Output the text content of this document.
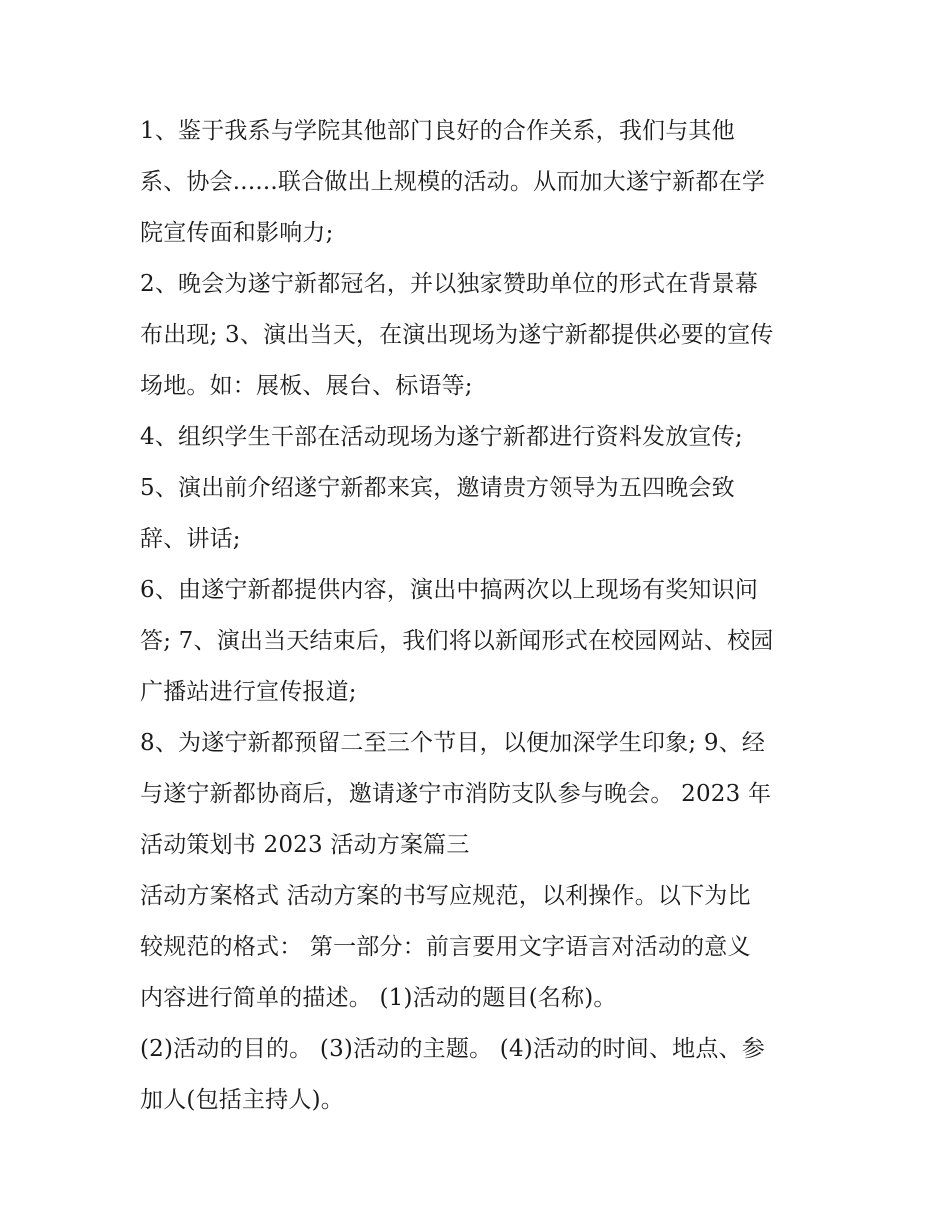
1、鉴于我系与学院其他部门良好的合作关系，我们与其他
系、协会......联合做出上规模的活动。从而加大遂宁新都在学
院宣传面和影响力;
2、晚会为遂宁新都冠名，并以独家赞助单位的形式在背景幕
布出现; 3、演出当天，在演出现场为遂宁新都提供必要的宣传
场地。如：展板、展台、标语等;
4、组织学生干部在活动现场为遂宁新都进行资料发放宣传;
5、演出前介绍遂宁新都来宾，邀请贵方领导为五四晚会致
辞、讲话;
6、由遂宁新都提供内容，演出中搞两次以上现场有奖知识问
答; 7、演出当天结束后，我们将以新闻形式在校园网站、校园
广播站进行宣传报道;
8、为遂宁新都预留二至三个节目，以便加深学生印象; 9、经
与遂宁新都协商后，邀请遂宁市消防支队参与晚会。 2023 年
活动策划书 2023 活动方案篇三
活动方案格式 活动方案的书写应规范，以利操作。以下为比
较规范的格式： 第一部分：前言要用文字语言对活动的意义
内容进行简单的描述。 (1)活动的题目(名称)。
(2)活动的目的。 (3)活动的主题。 (4)活动的时间、地点、参
加人(包括主持人)。
